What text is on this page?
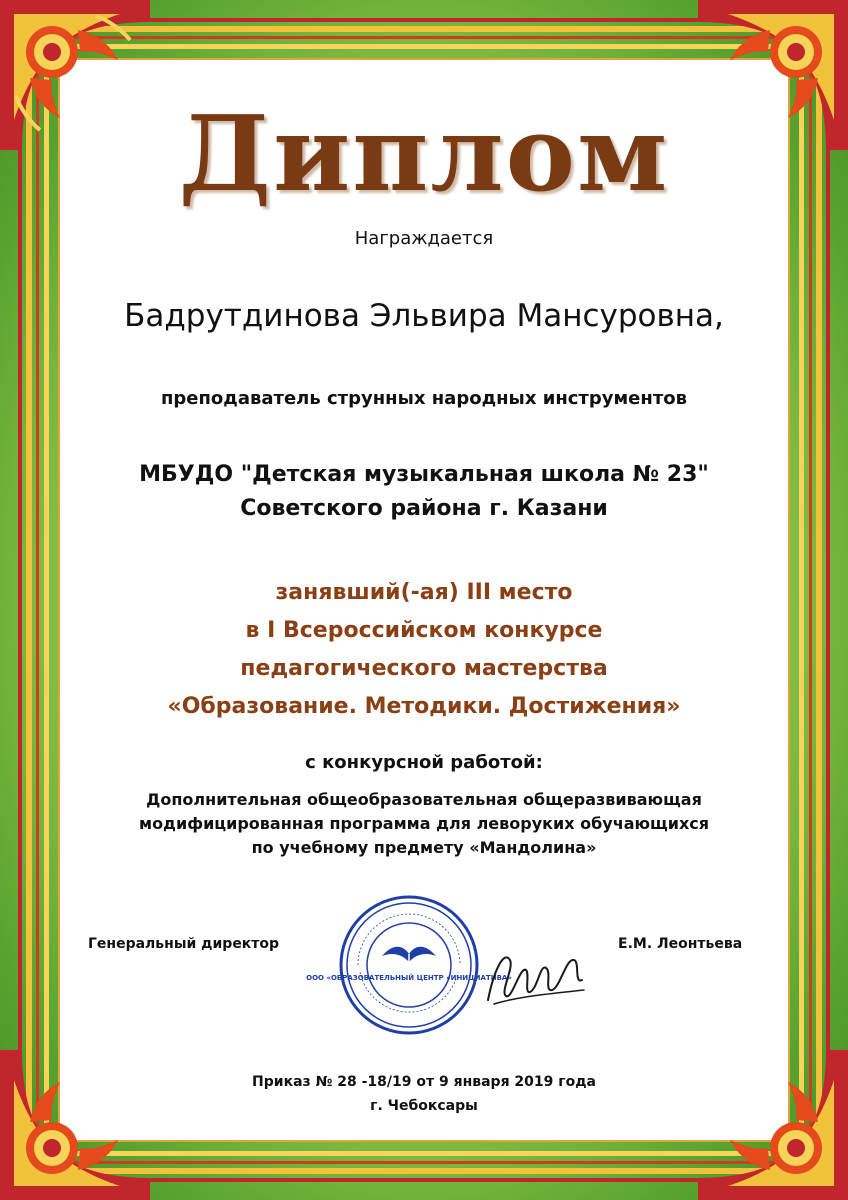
Диплом

Награждается

Бадрутдинова Эльвира Мансуровна,

преподаватель струнных народных инструментов

МБУДО "Детская музыкальная школа № 23"
Советского района г. Казани
занявший(-ая) III место
в I Всероссийском конкурсе
педагогического мастерства
«Образование. Методики. Достижения»

с конкурсной работой:

Дополнительная общеобразовательная общеразвивающая
модифицированная программа для леворуких обучающихся
по учебному предмету «Мандолина»

Генеральный директор	Е.М. Леонтьева

ООО «ОБРАЗОВАТЕЛЬНЫЙ ЦЕНТР «ИНИЦИАТИВА»
Приказ № 28 -18/19 от 9 января 2019 года
г. Чебоксары
